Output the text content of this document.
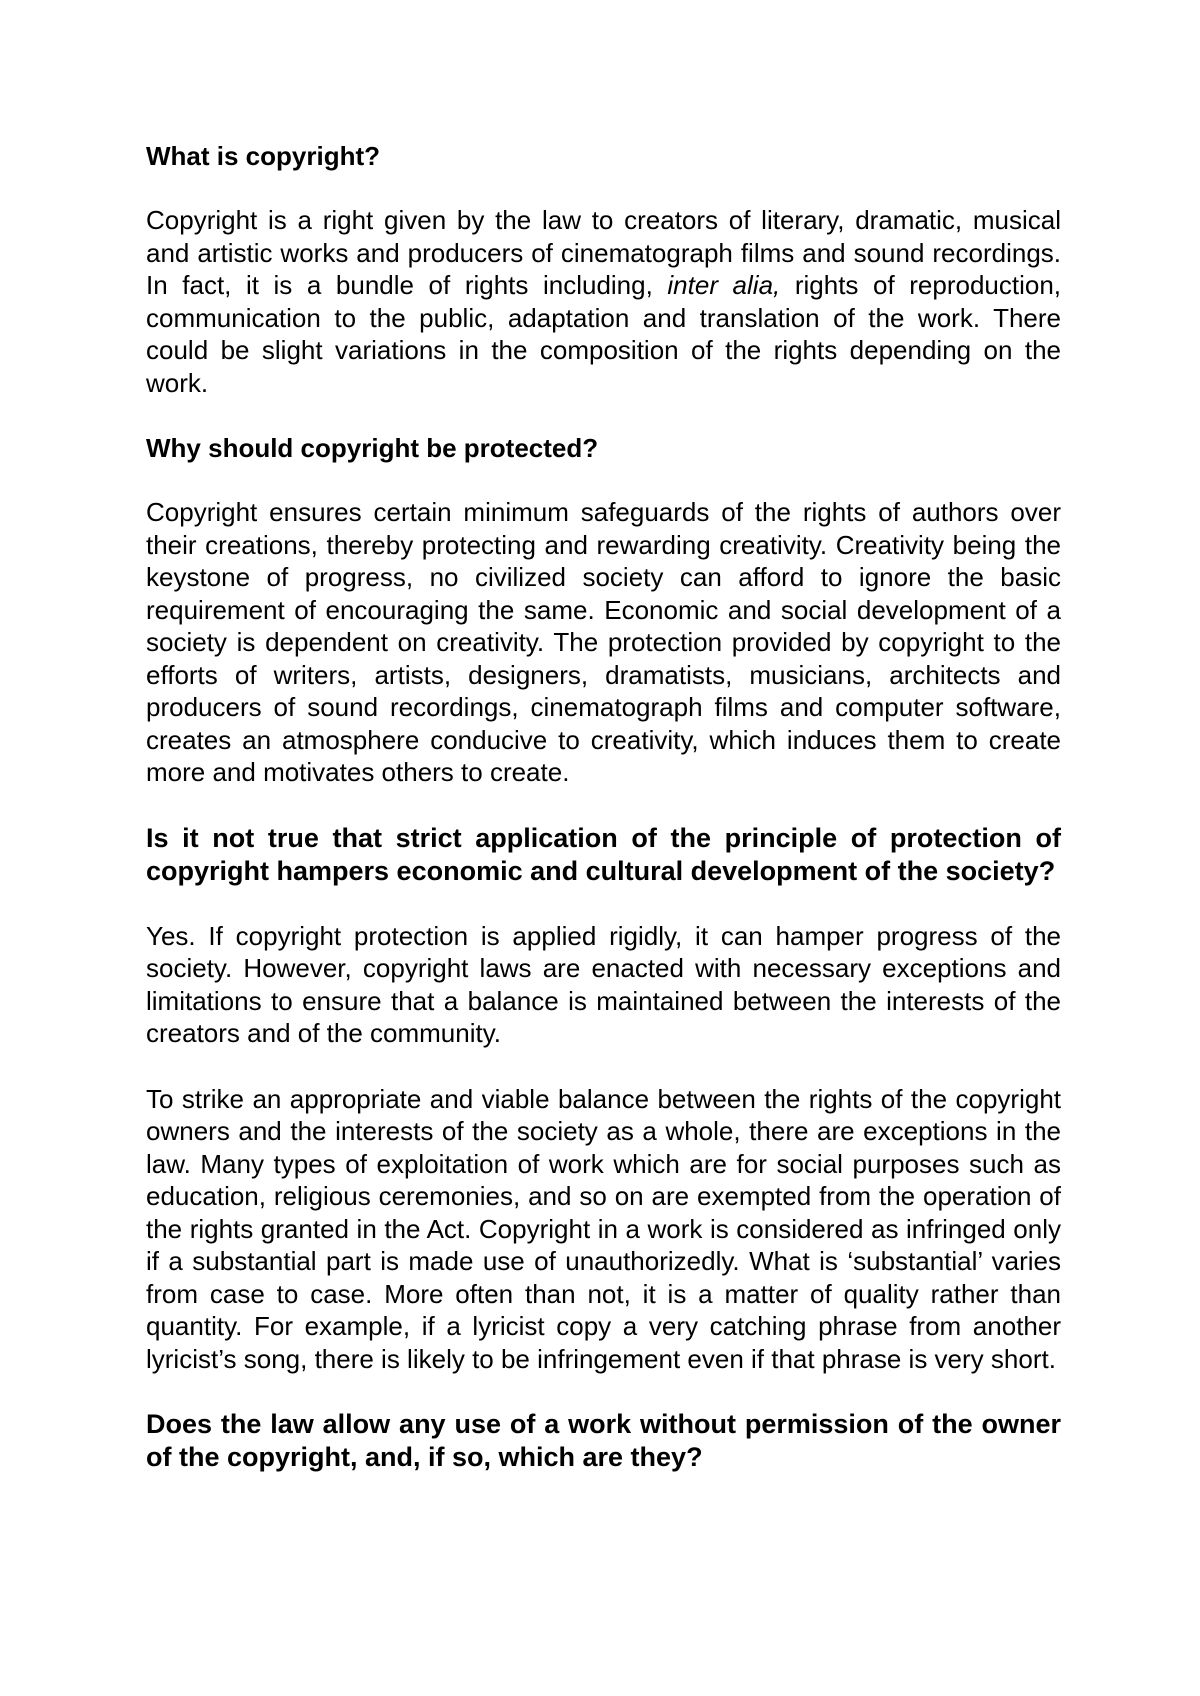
What is copyright?

Copyright is a right given by the law to creators of literary, dramatic, musical and artistic works and producers of cinematograph films and sound recordings. In fact, it is a bundle of rights including, inter alia, rights of reproduction, communication to the public, adaptation and translation of the work. There could be slight variations in the composition of the rights depending on the work.

Why should copyright be protected?

Copyright ensures certain minimum safeguards of the rights of authors over their creations, thereby protecting and rewarding creativity. Creativity being the keystone of progress, no civilized society can afford to ignore the basic requirement of encouraging the same. Economic and social development of a society is dependent on creativity. The protection provided by copyright to the efforts of writers, artists, designers, dramatists, musicians, architects and producers of sound recordings, cinematograph films and computer software, creates an atmosphere conducive to creativity, which induces them to create more and motivates others to create.

Is it not true that strict application of the principle of protection of copyright hampers economic and cultural development of the society?

Yes. If copyright protection is applied rigidly, it can hamper progress of the society. However, copyright laws are enacted with necessary exceptions and limitations to ensure that a balance is maintained between the interests of the creators and of the community.

To strike an appropriate and viable balance between the rights of the copyright owners and the interests of the society as a whole, there are exceptions in the law. Many types of exploitation of work which are for social purposes such as education, religious ceremonies, and so on are exempted from the operation of the rights granted in the Act. Copyright in a work is considered as infringed only if a substantial part is made use of unauthorizedly. What is ‘substantial’ varies from case to case. More often than not, it is a matter of quality rather than quantity. For example, if a lyricist copy a very catching phrase from another lyricist’s song, there is likely to be infringement even if that phrase is very short.

Does the law allow any use of a work without permission of the owner of the copyright, and, if so, which are they?
